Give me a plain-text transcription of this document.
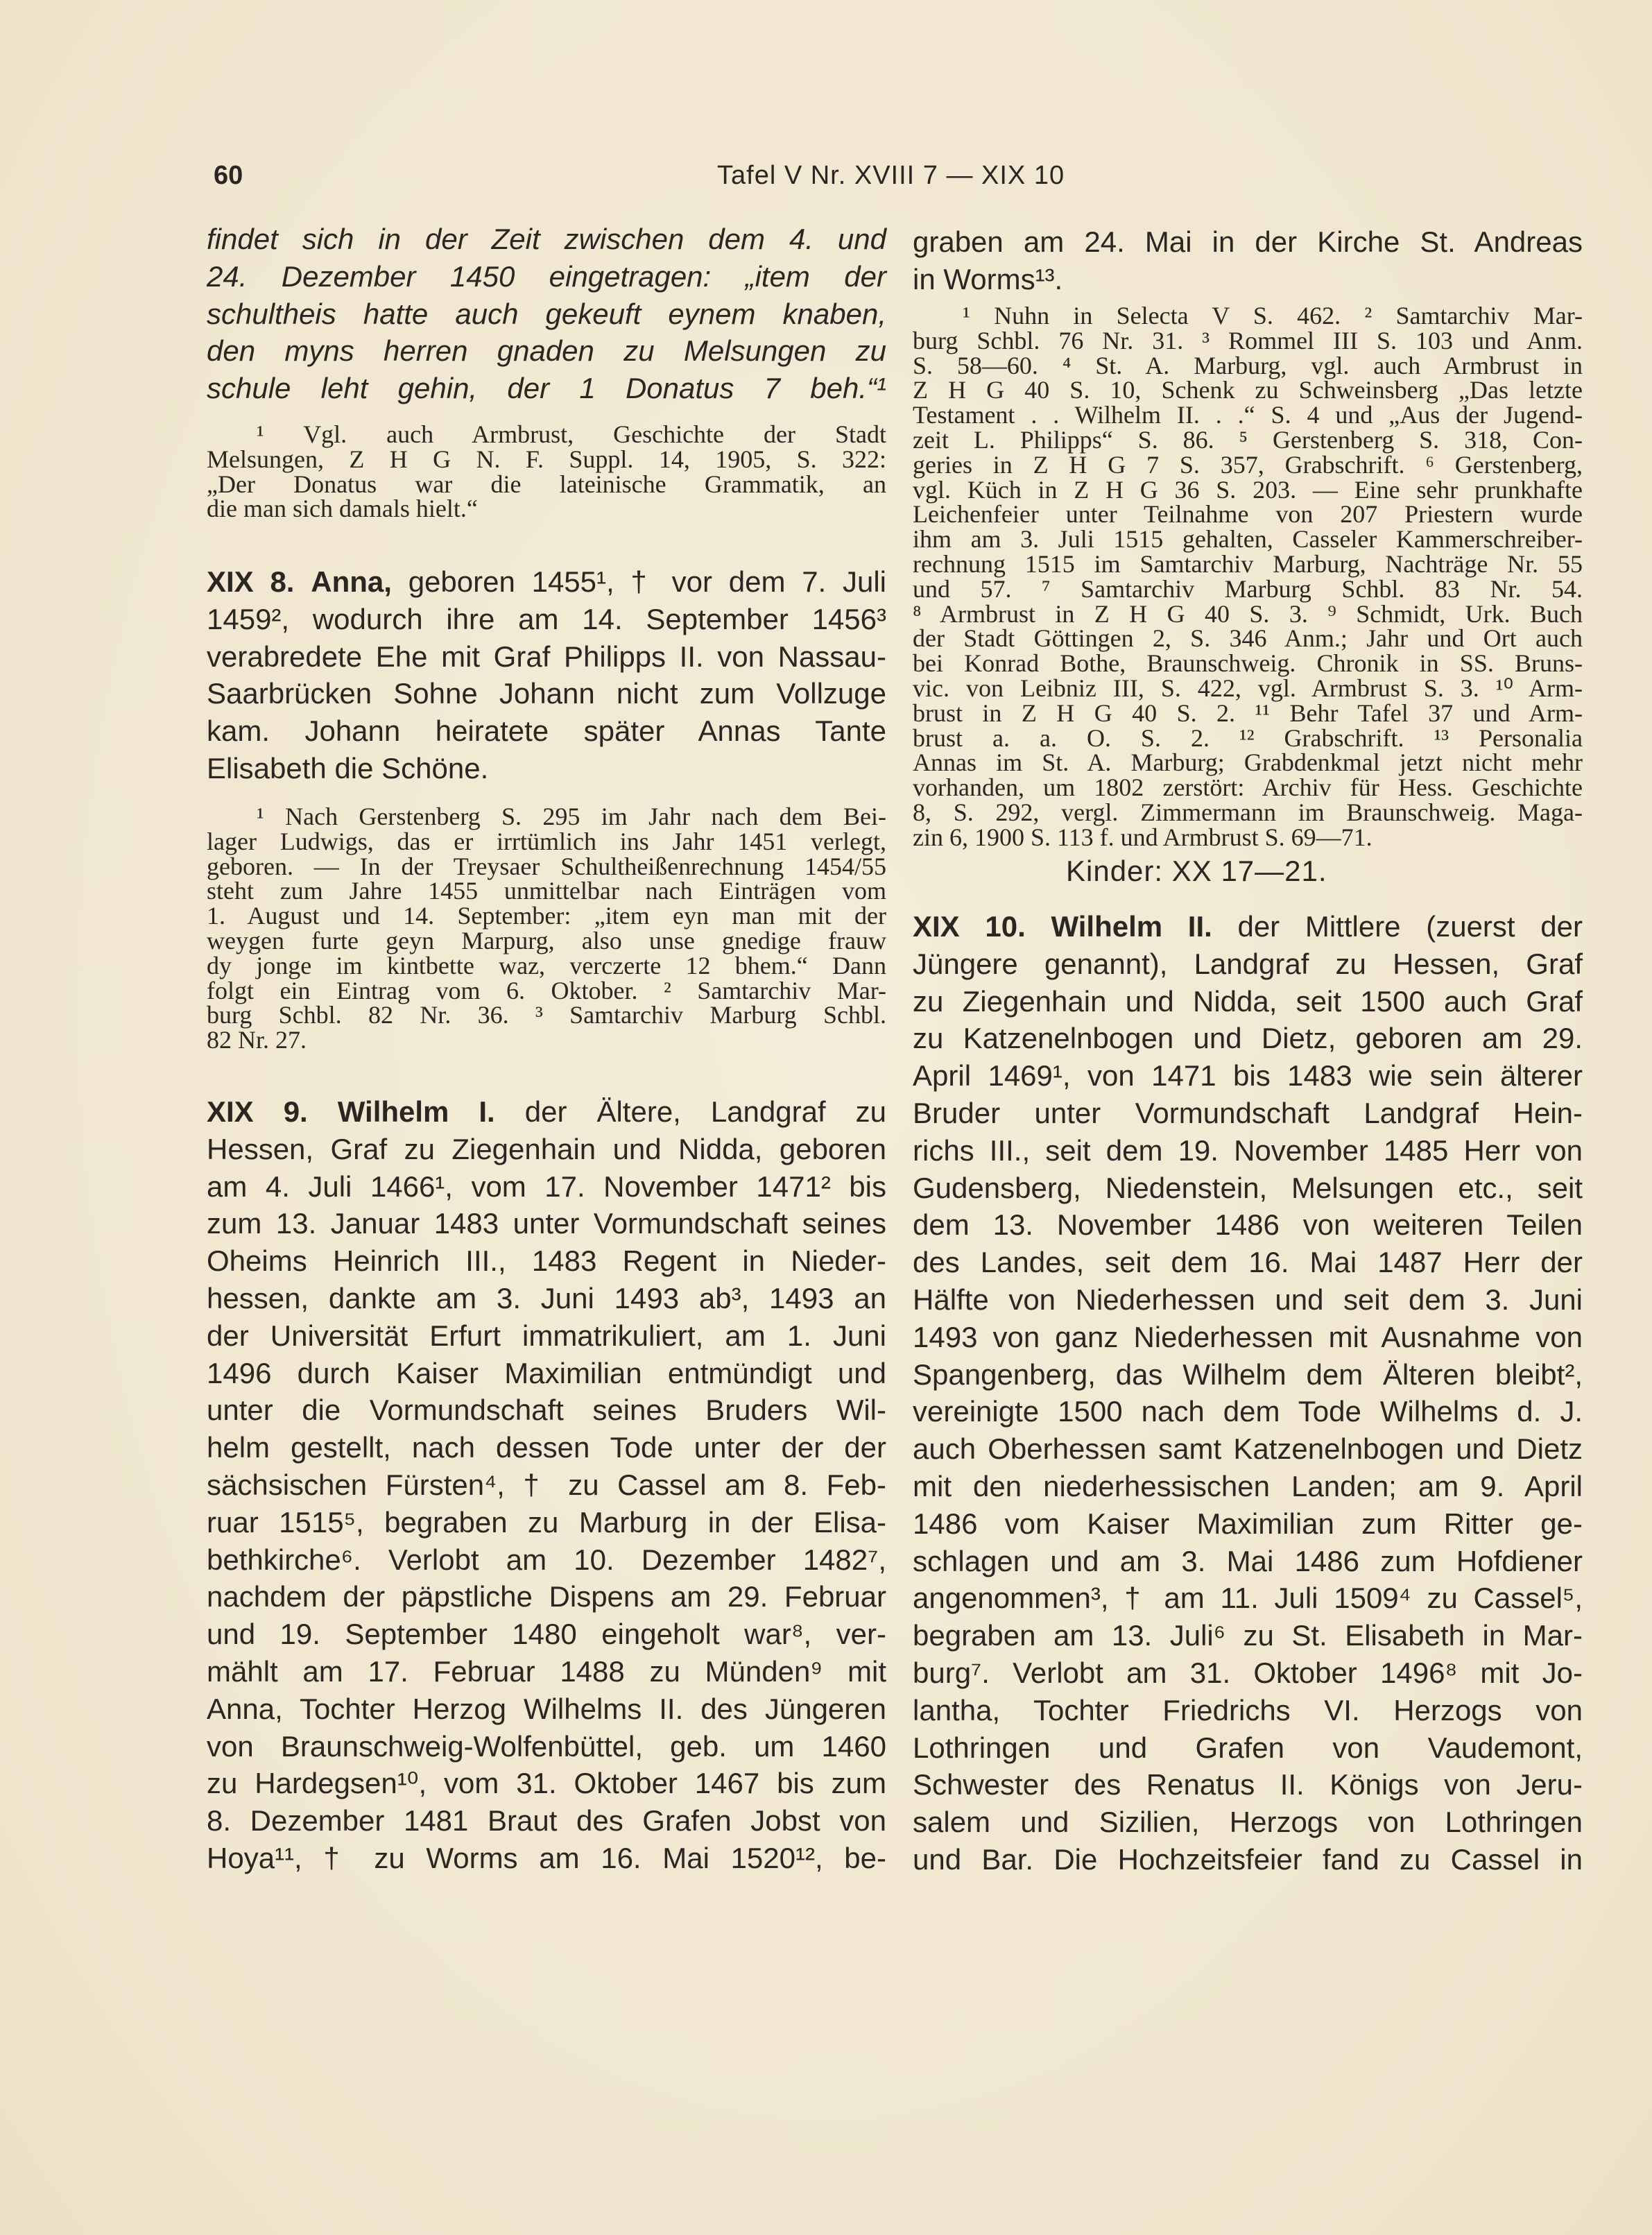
60	Tafel V Nr. XVIII 7 — XIX 10
findet sich in der Zeit zwischen dem 4. und
24. Dezember 1450 eingetragen: „item der
schultheis hatte auch gekeuft eynem knaben,
den myns herren gnaden zu Melsungen zu
schule leht gehin, der 1 Donatus 7 beh.“¹
¹ Vgl. auch Armbrust, Geschichte der Stadt
Melsungen, Z H G N. F. Suppl. 14, 1905, S. 322:
„Der Donatus war die lateinische Grammatik, an
die man sich damals hielt.“
XIX 8. Anna, geboren 1455¹, † vor dem 7. Juli
1459², wodurch ihre am 14. September 1456³
verabredete Ehe mit Graf Philipps II. von Nassau-
Saarbrücken Sohne Johann nicht zum Vollzuge
kam. Johann heiratete später Annas Tante
Elisabeth die Schöne.
¹ Nach Gerstenberg S. 295 im Jahr nach dem Bei-
lager Ludwigs, das er irrtümlich ins Jahr 1451 verlegt,
geboren. — In der Treysaer Schultheißenrechnung 1454/55
steht zum Jahre 1455 unmittelbar nach Einträgen vom
1. August und 14. September: „item eyn man mit der
weygen furte geyn Marpurg, also unse gnedige frauw
dy jonge im kintbette waz, verczerte 12 bhem.“ Dann
folgt ein Eintrag vom 6. Oktober. ² Samtarchiv Mar-
burg Schbl. 82 Nr. 36. ³ Samtarchiv Marburg Schbl.
82 Nr. 27.
XIX 9. Wilhelm I. der Ältere, Landgraf zu
Hessen, Graf zu Ziegenhain und Nidda, geboren
am 4. Juli 1466¹, vom 17. November 1471² bis
zum 13. Januar 1483 unter Vormundschaft seines
Oheims Heinrich III., 1483 Regent in Nieder-
hessen, dankte am 3. Juni 1493 ab³, 1493 an
der Universität Erfurt immatrikuliert, am 1. Juni
1496 durch Kaiser Maximilian entmündigt und
unter die Vormundschaft seines Bruders Wil-
helm gestellt, nach dessen Tode unter der der
sächsischen Fürsten⁴, † zu Cassel am 8. Feb-
ruar 1515⁵, begraben zu Marburg in der Elisa-
bethkirche⁶. Verlobt am 10. Dezember 1482⁷,
nachdem der päpstliche Dispens am 29. Februar
und 19. September 1480 eingeholt war⁸, ver-
mählt am 17. Februar 1488 zu Münden⁹ mit
Anna, Tochter Herzog Wilhelms II. des Jüngeren
von Braunschweig-Wolfenbüttel, geb. um 1460
zu Hardegsen¹⁰, vom 31. Oktober 1467 bis zum
8. Dezember 1481 Braut des Grafen Jobst von
Hoya¹¹, † zu Worms am 16. Mai 1520¹², be-
graben am 24. Mai in der Kirche St. Andreas
in Worms¹³.
¹ Nuhn in Selecta V S. 462. ² Samtarchiv Mar-
burg Schbl. 76 Nr. 31. ³ Rommel III S. 103 und Anm.
S. 58—60. ⁴ St. A. Marburg, vgl. auch Armbrust in
Z H G 40 S. 10, Schenk zu Schweinsberg „Das letzte
Testament . . Wilhelm II. . .“ S. 4 und „Aus der Jugend-
zeit L. Philipps“ S. 86. ⁵ Gerstenberg S. 318, Con-
geries in Z H G 7 S. 357, Grabschrift. ⁶ Gerstenberg,
vgl. Küch in Z H G 36 S. 203. — Eine sehr prunkhafte
Leichenfeier unter Teilnahme von 207 Priestern wurde
ihm am 3. Juli 1515 gehalten, Casseler Kammerschreiber-
rechnung 1515 im Samtarchiv Marburg, Nachträge Nr. 55
und 57. ⁷ Samtarchiv Marburg Schbl. 83 Nr. 54.
⁸ Armbrust in Z H G 40 S. 3. ⁹ Schmidt, Urk. Buch
der Stadt Göttingen 2, S. 346 Anm.; Jahr und Ort auch
bei Konrad Bothe, Braunschweig. Chronik in SS. Bruns-
vic. von Leibniz III, S. 422, vgl. Armbrust S. 3. ¹⁰ Arm-
brust in Z H G 40 S. 2. ¹¹ Behr Tafel 37 und Arm-
brust a. a. O. S. 2. ¹² Grabschrift. ¹³ Personalia
Annas im St. A. Marburg; Grabdenkmal jetzt nicht mehr
vorhanden, um 1802 zerstört: Archiv für Hess. Geschichte
8, S. 292, vergl. Zimmermann im Braunschweig. Maga-
zin 6, 1900 S. 113 f. und Armbrust S. 69—71.
Kinder: XX 17—21.
XIX 10. Wilhelm II. der Mittlere (zuerst der
Jüngere genannt), Landgraf zu Hessen, Graf
zu Ziegenhain und Nidda, seit 1500 auch Graf
zu Katzenelnbogen und Dietz, geboren am 29.
April 1469¹, von 1471 bis 1483 wie sein älterer
Bruder unter Vormundschaft Landgraf Hein-
richs III., seit dem 19. November 1485 Herr von
Gudensberg, Niedenstein, Melsungen etc., seit
dem 13. November 1486 von weiteren Teilen
des Landes, seit dem 16. Mai 1487 Herr der
Hälfte von Niederhessen und seit dem 3. Juni
1493 von ganz Niederhessen mit Ausnahme von
Spangenberg, das Wilhelm dem Älteren bleibt²,
vereinigte 1500 nach dem Tode Wilhelms d. J.
auch Oberhessen samt Katzenelnbogen und Dietz
mit den niederhessischen Landen; am 9. April
1486 vom Kaiser Maximilian zum Ritter ge-
schlagen und am 3. Mai 1486 zum Hofdiener
angenommen³, † am 11. Juli 1509⁴ zu Cassel⁵,
begraben am 13. Juli⁶ zu St. Elisabeth in Mar-
burg⁷. Verlobt am 31. Oktober 1496⁸ mit Jo-
lantha, Tochter Friedrichs VI. Herzogs von
Lothringen und Grafen von Vaudemont,
Schwester des Renatus II. Königs von Jeru-
salem und Sizilien, Herzogs von Lothringen
und Bar. Die Hochzeitsfeier fand zu Cassel in
